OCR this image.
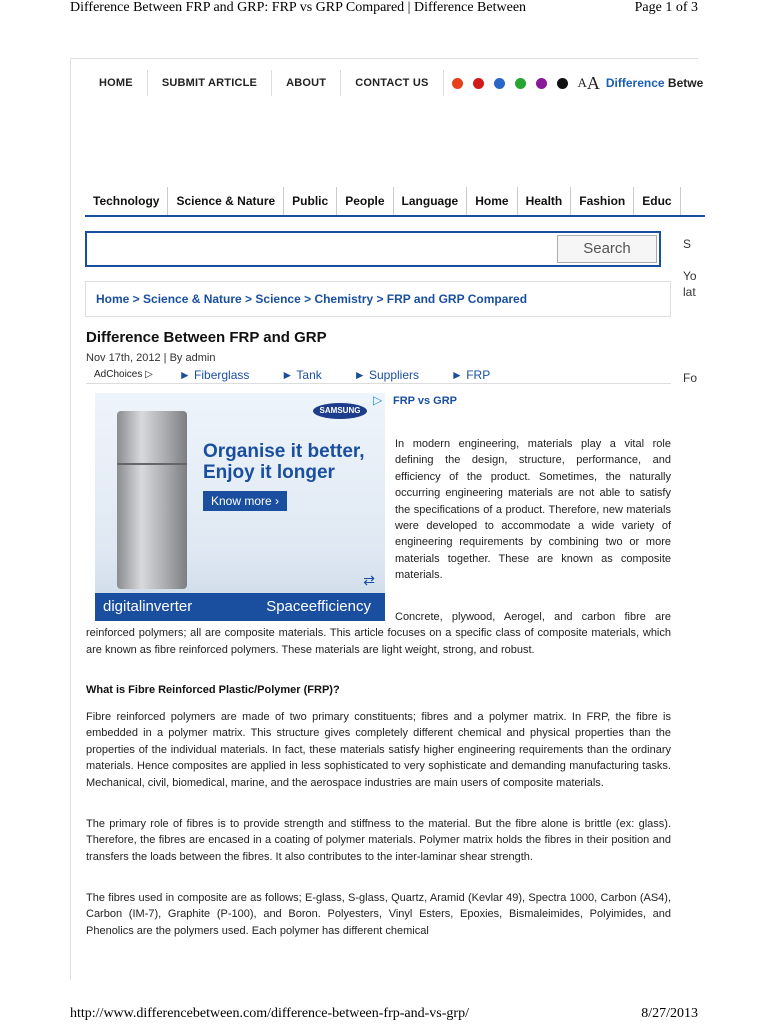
Difference Between FRP and GRP: FRP vs GRP Compared | Difference Between	Page 1 of 3
HOME	SUBMIT ARTICLE	ABOUT	CONTACT US	A A Difference Betwe
Technology	Science & Nature	Public	People	Language	Home	Health	Fashion	Educ
Search	S
Yo
lat
Fo
Home > Science & Nature > Science > Chemistry > FRP and GRP Compared
Difference Between FRP and GRP
Nov 17th, 2012 | By admin
AdChoices ▷ ► Fiberglass	► Tank	► Suppliers	► FRP
SAMSUNG
Organise it better,
Enjoy it longer
Know more ›
⇄
digitalinverter	Spaceefficiency
▷ FRP vs GRP
In modern engineering, materials play a vital role defining the design, structure, performance, and efficiency of the product. Sometimes, the naturally occurring engineering materials are not able to satisfy the specifications of a product. Therefore, new materials were developed to accommodate a wide variety of engineering requirements by combining two or more materials together. These are known as composite materials.
Concrete, plywood, Aerogel, and carbon fibre are reinforced polymers; all are composite materials. This article focuses on a specific class of composite materials, which are known as fibre reinforced polymers. These materials are light weight, strong, and robust.
What is Fibre Reinforced Plastic/Polymer (FRP)?
Fibre reinforced polymers are made of two primary constituents; fibres and a polymer matrix. In FRP, the fibre is embedded in a polymer matrix. This structure gives completely different chemical and physical properties than the properties of the individual materials. In fact, these materials satisfy higher engineering requirements than the ordinary materials. Hence composites are applied in less sophisticated to very sophisticate and demanding manufacturing tasks. Mechanical, civil, biomedical, marine, and the aerospace industries are main users of composite materials.
The primary role of fibres is to provide strength and stiffness to the material. But the fibre alone is brittle (ex: glass). Therefore, the fibres are encased in a coating of polymer materials. Polymer matrix holds the fibres in their position and transfers the loads between the fibres. It also contributes to the inter-laminar shear strength.
The fibres used in composite are as follows; E-glass, S-glass, Quartz, Aramid (Kevlar 49), Spectra 1000, Carbon (AS4), Carbon (IM-7), Graphite (P-100), and Boron. Polyesters, Vinyl Esters, Epoxies, Bismaleimides, Polyimides, and Phenolics are the polymers used. Each polymer has different chemical
http://www.differencebetween.com/difference-between-frp-and-vs-grp/	8/27/2013
